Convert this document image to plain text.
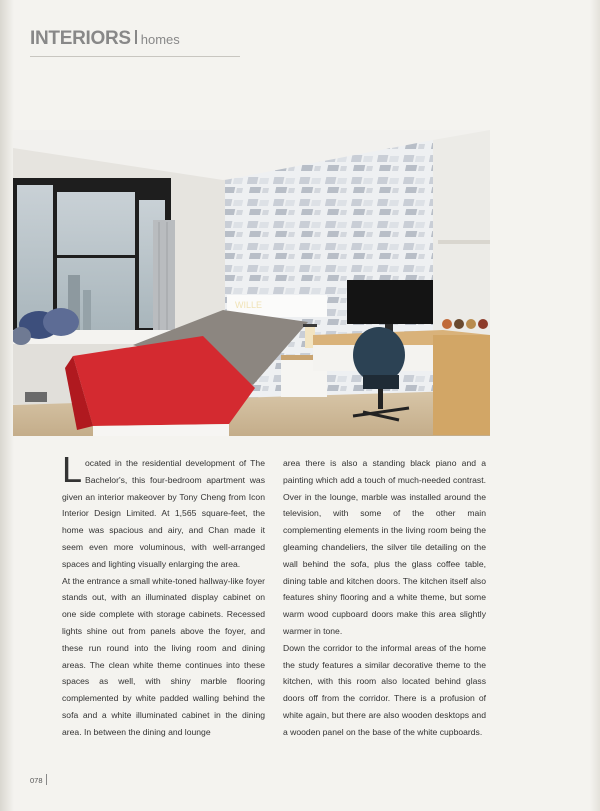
INTERIORS homes
WILLE
L ocated in the residential development of The Bachelor's, this four-bedroom apartment was given an interior makeover by Tony Cheng from Icon Interior Design Limited. At 1,565 square-feet, the home was spacious and airy, and Chan made it seem even more voluminous, with well-arranged spaces and lighting visually enlarging the area.

At the entrance a small white-toned hallway-like foyer stands out, with an illuminated display cabinet on one side complete with storage cabinets. Recessed lights shine out from panels above the foyer, and these run round into the living room and dining areas. The clean white theme continues into these spaces as well, with shiny marble flooring complemented by white padded walling behind the sofa and a white illuminated cabinet in the dining area. In between the dining and lounge

area there is also a standing black piano and a painting which add a touch of much-needed contrast. Over in the lounge, marble was installed around the television, with some of the other main complementing elements in the living room being the gleaming chandeliers, the silver tile detailing on the wall behind the sofa, plus the glass coffee table, dining table and kitchen doors. The kitchen itself also features shiny flooring and a white theme, but some warm wood cupboard doors make this area slightly warmer in tone.

Down the corridor to the informal areas of the home the study features a similar decorative theme to the kitchen, with this room also located behind glass doors off from the corridor. There is a profusion of white again, but there are also wooden desktops and a wooden panel on the base of the white cupboards.

078
